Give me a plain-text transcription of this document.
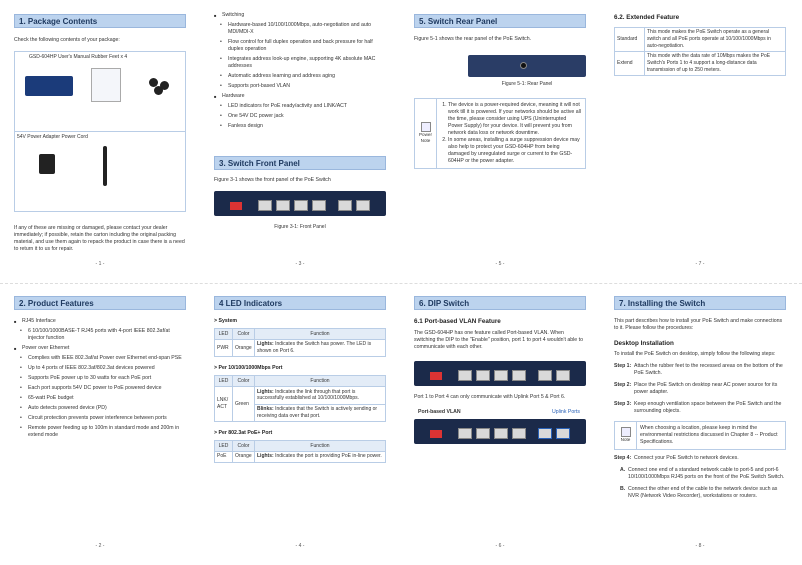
1. Package Contents
Check the following contents of your package:
GSD-604HP User's Manual Rubber Feet x 4

54V Power Adapter Power Cord
If any of these are missing or damaged, please contact your dealer immediately; if possible, retain the carton including the original packing material, and use them again to repack the product in case there is a need to return it to us for repair.
- 1 -
■ Switching
• Hardware-based 10/100/1000Mbps, auto-negotiation and auto MDI/MDI-X
• Flow control for full duplex operation and back pressure for half duplex operation
• Integrates address look-up engine, supporting 4K absolute MAC addresses
• Automatic address learning and address aging
• Supports port-based VLAN
■ Hardware
• LED indicators for PoE ready/activity and LINK/ACT
• One 54V DC power jack
• Fanless design
3. Switch Front Panel
Figure 3-1 shows the front panel of the PoE Switch
Figure 3-1: Front Panel
- 3 -
5. Switch Rear Panel
Figure 5-1 shows the rear panel of the PoE Switch.
Figure 5-1: Rear Panel
Power Note
1. The device is a power-required device, meaning it will not work till it is powered. If your networks should be active all the time, please consider using UPS (Uninterrupted Power Supply) for your device. It will prevent you from network data loss or network downtime.
2. In some areas, installing a surge suppression device may also help to protect your GSD-604HP from being damaged by unregulated surge or current to the GSD-604HP or the power adapter.
- 5 -
6.2. Extended Feature
Standard	This mode makes the PoE Switch operate as a general switch and all PoE ports operate at 10/100/1000Mbps in auto-negotiation.
Extend	This mode with the data rate of 10Mbps makes the PoE Switch's Ports 1 to 4 support a long-distance data transmission of up to 250 meters.
- 7 -
2. Product Features
■ RJ45 Interface
• 6 10/100/1000BASE-T RJ45 ports with 4-port IEEE 802.3af/at injector function
■ Power over Ethernet
• Complies with IEEE 802.3af/at Power over Ethernet end-span PSE
• Up to 4 ports of IEEE 802.3af/802.3at devices powered
• Supports PoE power up to 30 watts for each PoE port
• Each port supports 54V DC power to PoE powered device
• 65-watt PoE budget
• Auto detects powered device (PD)
• Circuit protection prevents power interference between ports
• Remote power feeding up to 100m in standard mode and 200m in extend mode
- 2 -
4 LED Indicators
> System
LED	Color	Function
PWR	Orange	Lights: Indicates the Switch has power. The LED is shown on Port 6.
> Per 10/100/1000Mbps Port
LED	Color	Function
LNK/ ACT	Green	Lights: Indicates the link through that port is successfully established at 10/100/1000Mbps.
		Blinks: Indicates that the Switch is actively sending or receiving data over that port.
> Per 802.3at PoE+ Port
LED	Color	Function
PoE	Orange	Lights: Indicates the port is providing PoE in-line power.
- 4 -
6. DIP Switch
6.1 Port-based VLAN Feature
The GSD-604HP has one feature called Port-based VLAN. When switching the DIP to the "Enable" position, port 1 to port 4 wouldn't able to communicate with each other.
Port 1 to Port 4 can only communicate with Uplink Port 5 & Port 6.
Port-based VLAN	Uplink Ports
- 6 -
7. Installing the Switch
This part describes how to install your PoE Switch and make connections to it. Please follow the procedures:
Desktop Installation
To install the PoE Switch on desktop, simply follow the following steps:
Step 1: Attach the rubber feet to the recessed areas on the bottom of the PoE Switch.
Step 2: Place the PoE Switch on desktop near AC power source for its power adapter.
Step 3: Keep enough ventilation space between the PoE Switch and the surrounding objects.
Note
When choosing a location, please keep in mind the environmental restrictions discussed in Chapter 8 -- Product Specifications.
Step 4: Connect your PoE Switch to network devices.
A. Connect one end of a standard network cable to port-5 and port-6 10/100/1000Mbps RJ45 ports on the front of the PoE Switch Switch.
B. Connect the other end of the cable to the network device such as NVR (Network Video Recorder), workstations or routers.
- 8 -
